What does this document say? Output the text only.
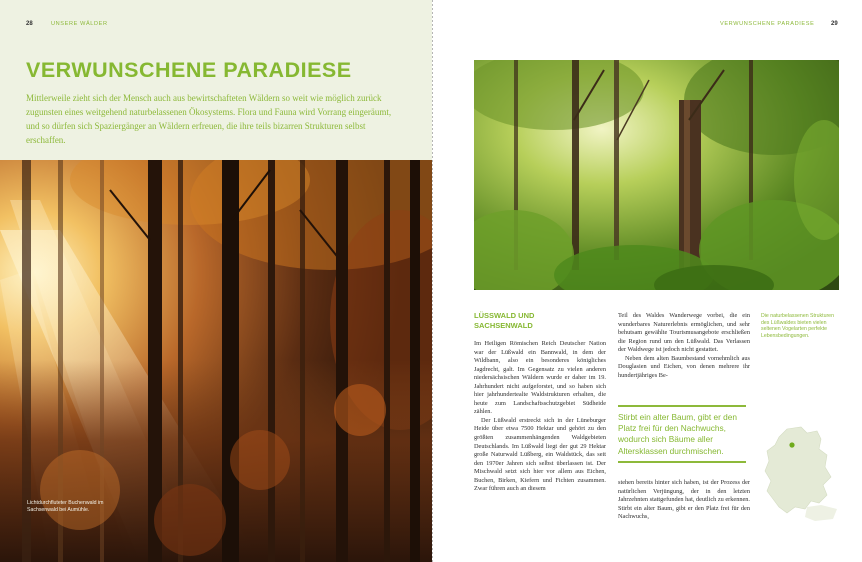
28	UNSERE WÄLDER
VERWUNSCHENE PARADIESE
Mittlerweile zieht sich der Mensch auch aus bewirtschafteten Wäldern so weit wie möglich zurück zugunsten eines weitgehend naturbelassenen Ökosystems. Flora und Fauna wird Vorrang eingeräumt, und so dürfen sich Spaziergänger an Wäldern erfreuen, die ihre teils bizarren Strukturen selbst erschaffen.
Lichtdurchfluteter Buchenwald im Sachsenwald bei Aumühle.
VERWUNSCHENE PARADIESE	29
LÜSSWALD UND SACHSENWALD

Im Heiligen Römischen Reich Deutscher Nation war der Lüßwald ein Bannwald, in dem der Wildbann, also ein besonderes königliches Jagdrecht, galt. Im Gegensatz zu vielen anderen niedersächsischen Wäldern wurde er daher im 19. Jahrhundert nicht aufgeforstet, und so haben sich hier jahrhundertealte Waldstrukturen erhalten, die heute zum Landschaftsschutzgebiet Südheide zählen.

Der Lüßwald erstreckt sich in der Lüneburger Heide über etwa 7500 Hektar und gehört zu den größten zusammenhängenden Waldgebieten Deutschlands. Im Lüßwald liegt der gut 29 Hektar große Naturwald Lüßberg, ein Waldstück, das seit den 1970er Jahren sich selbst überlassen ist. Der Mischwald setzt sich hier vor allem aus Eichen, Buchen, Birken, Kiefern und Fichten zusammen. Zwar führen auch an diesem

Teil des Waldes Wanderwege vorbei, die ein wunderbares Naturerlebnis ermöglichen, und sehr behutsam gewählte Tourismusangebote erschließen die Region rund um den Lüßwald. Das Verlassen der Waldwege ist jedoch nicht gestattet.

Neben dem alten Baumbestand vornehmlich aus Douglasien und Eichen, von denen mehrere ihr hundertjähriges Be-

Stirbt ein alter Baum, gibt er den Platz frei für den Nachwuchs, wodurch sich Bäume aller Altersklassen durchmischen.
stehen bereits hinter sich haben, ist der Prozess der natürlichen Verjüngung, der in den letzten Jahrzehnten stattgefunden hat, deutlich zu erkennen. Stirbt ein alter Baum, gibt er den Platz frei für den Nachwuchs,
Die naturbelassenen Strukturen des Lüßwaldes bieten vielen seltenen Vogelarten perfekte Lebensbedingungen.
